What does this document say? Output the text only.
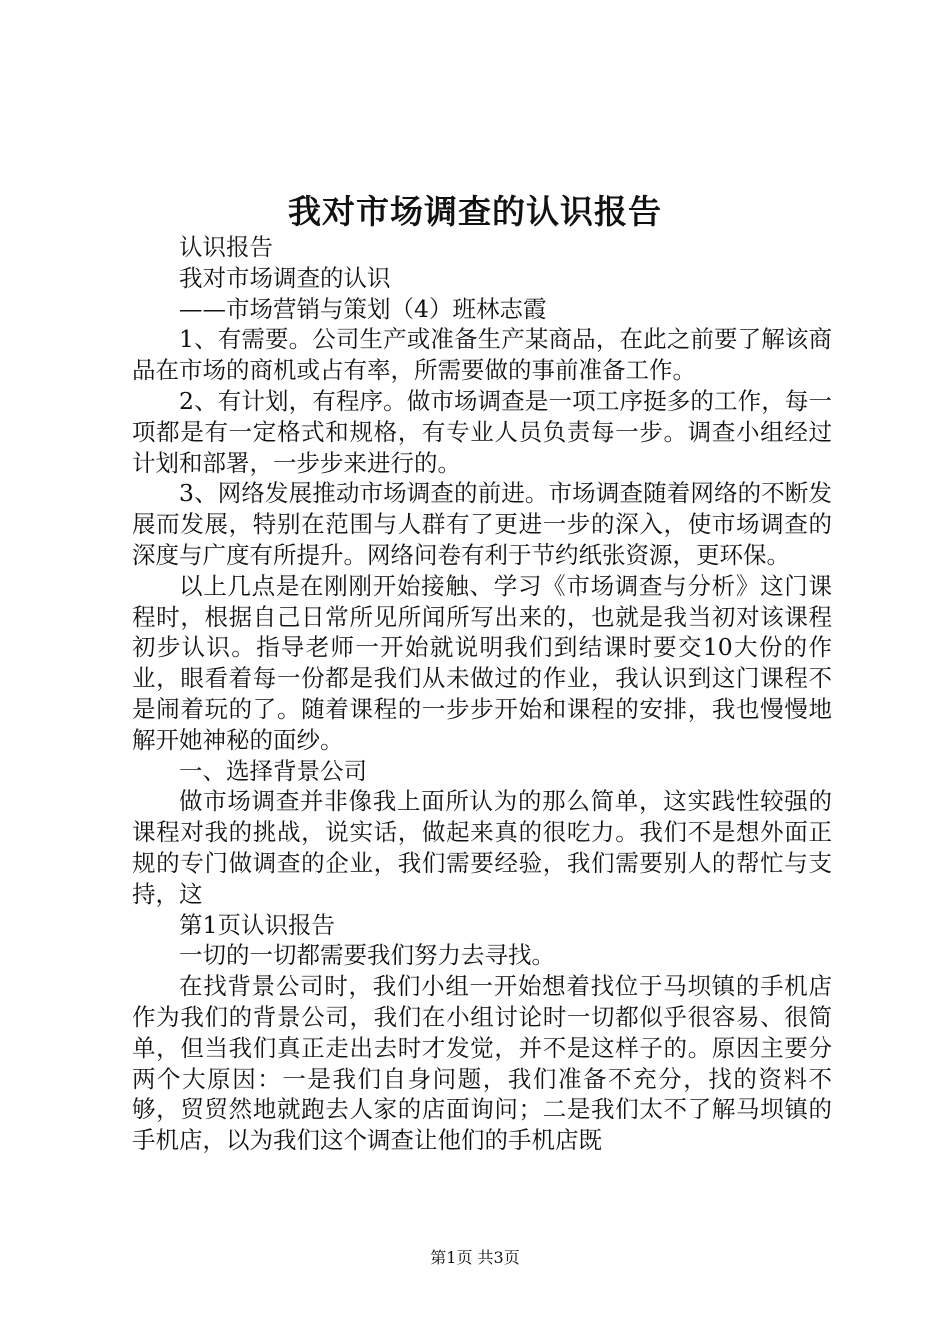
我对市场调查的认识报告

认识报告

我对市场调查的认识

——市场营销与策划（4）班林志霞

1、有需要。公司生产或准备生产某商品，在此之前要了解该商品在市场的商机或占有率，所需要做的事前准备工作。

2、有计划，有程序。做市场调查是一项工序挺多的工作，每一项都是有一定格式和规格，有专业人员负责每一步。调查小组经过计划和部署，一步步来进行的。

3、网络发展推动市场调查的前进。市场调查随着网络的不断发展而发展，特别在范围与人群有了更进一步的深入，使市场调查的深度与广度有所提升。网络问卷有利于节约纸张资源，更环保。

以上几点是在刚刚开始接触、学习《市场调查与分析》这门课程时，根据自己日常所见所闻所写出来的，也就是我当初对该课程初步认识。指导老师一开始就说明我们到结课时要交10大份的作业，眼看着每一份都是我们从未做过的作业，我认识到这门课程不是闹着玩的了。随着课程的一步步开始和课程的安排，我也慢慢地解开她神秘的面纱。

一、选择背景公司

做市场调查并非像我上面所认为的那么简单，这实践性较强的课程对我的挑战，说实话，做起来真的很吃力。我们不是想外面正规的专门做调查的企业，我们需要经验，我们需要别人的帮忙与支持，这

第1页认识报告

一切的一切都需要我们努力去寻找。

在找背景公司时，我们小组一开始想着找位于马坝镇的手机店作为我们的背景公司，我们在小组讨论时一切都似乎很容易、很简单，但当我们真正走出去时才发觉，并不是这样子的。原因主要分两个大原因：一是我们自身问题，我们准备不充分，找的资料不够，贸贸然地就跑去人家的店面询问；二是我们太不了解马坝镇的手机店，以为我们这个调查让他们的手机店既

第1页 共3页
